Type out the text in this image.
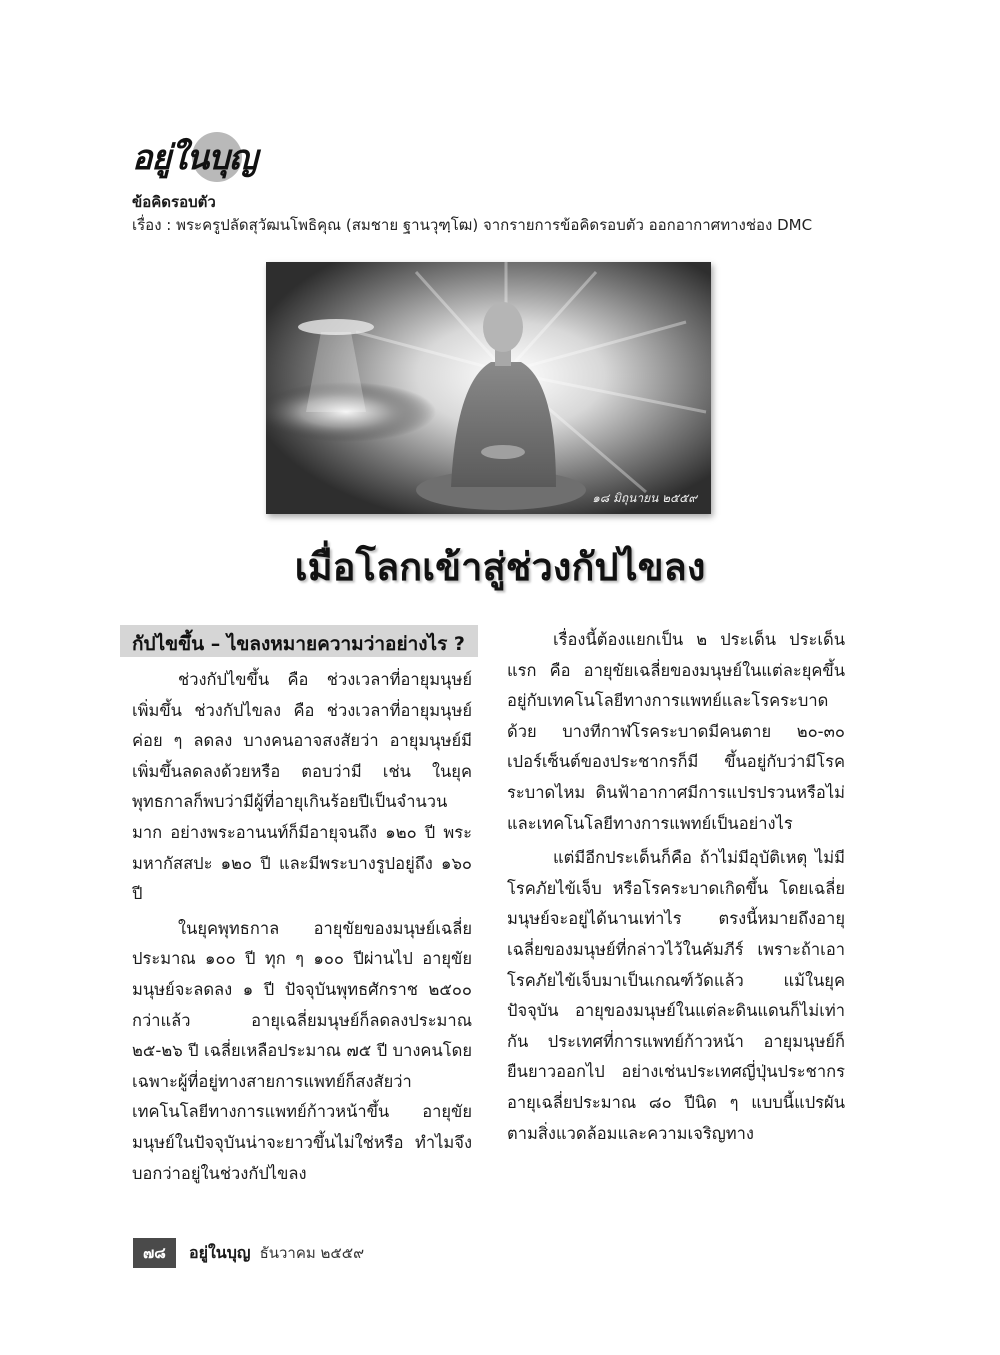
อยู่ในบุญ
ข้อคิดรอบตัว
เรื่อง : พระครูปลัดสุวัฒนโพธิคุณ (สมชาย ฐานวุฑฺโฒ) จากรายการข้อคิดรอบตัว ออกอากาศทางช่อง DMC
๑๘ มิถุนายน ๒๕๕๙
เมื่อโลกเข้าสู่ช่วงกัปไขลง
กัปไขขึ้น – ไขลงหมายความว่าอย่างไร ?

ช่วงกัปไขขึ้น คือ ช่วงเวลาที่อายุมนุษย์เพิ่มขึ้น ช่วงกัปไขลง คือ ช่วงเวลาที่อายุมนุษย์ค่อย ๆ ลดลง บางคนอาจสงสัยว่า อายุมนุษย์มีเพิ่มขึ้นลดลงด้วยหรือ ตอบว่ามี เช่น ในยุคพุทธกาลก็พบว่ามีผู้ที่อายุเกินร้อยปีเป็นจำนวนมาก อย่างพระอานนท์ก็มีอายุจนถึง ๑๒๐ ปี พระมหากัสสปะ ๑๒๐ ปี และมีพระบางรูปอยู่ถึง ๑๖๐ ปี

ในยุคพุทธกาล อายุขัยของมนุษย์เฉลี่ยประมาณ ๑๐๐ ปี ทุก ๆ ๑๐๐ ปีผ่านไป อายุขัยมนุษย์จะลดลง ๑ ปี ปัจจุบันพุทธศักราช ๒๕๐๐ กว่าแล้ว อายุเฉลี่ยมนุษย์ก็ลดลงประมาณ ๒๕-๒๖ ปี เฉลี่ยเหลือประมาณ ๗๕ ปี บางคนโดยเฉพาะผู้ที่อยู่ทางสายการแพทย์ก็สงสัยว่าเทคโนโลยีทางการแพทย์ก้าวหน้าขึ้น อายุขัยมนุษย์ในปัจจุบันน่าจะยาวขึ้นไม่ใช่หรือ ทำไมจึงบอกว่าอยู่ในช่วงกัปไขลง

เรื่องนี้ต้องแยกเป็น ๒ ประเด็น ประเด็นแรก คือ อายุขัยเฉลี่ยของมนุษย์ในแต่ละยุคขึ้นอยู่กับเทคโนโลยีทางการแพทย์และโรคระบาดด้วย บางทีกาฬโรคระบาดมีคนตาย ๒๐-๓๐ เปอร์เซ็นต์ของประชากรก็มี ขึ้นอยู่กับว่ามีโรคระบาดไหม ดินฟ้าอากาศมีการแปรปรวนหรือไม่ และเทคโนโลยีทางการแพทย์เป็นอย่างไร

แต่มีอีกประเด็นก็คือ ถ้าไม่มีอุบัติเหตุ ไม่มีโรคภัยไข้เจ็บ หรือโรคระบาดเกิดขึ้น โดยเฉลี่ยมนุษย์จะอยู่ได้นานเท่าไร ตรงนี้หมายถึงอายุเฉลี่ยของมนุษย์ที่กล่าวไว้ในคัมภีร์ เพราะถ้าเอาโรคภัยไข้เจ็บมาเป็นเกณฑ์วัดแล้ว แม้ในยุคปัจจุบัน อายุของมนุษย์ในแต่ละดินแดนก็ไม่เท่ากัน ประเทศที่การแพทย์ก้าวหน้า อายุมนุษย์ก็ยืนยาวออกไป อย่างเช่นประเทศญี่ปุ่นประชากรอายุเฉลี่ยประมาณ ๘๐ ปีนิด ๆ แบบนี้แปรผันตามสิ่งแวดล้อมและความเจริญทาง

๗๘ อยู่ในบุญ ธันวาคม ๒๕๕๙
